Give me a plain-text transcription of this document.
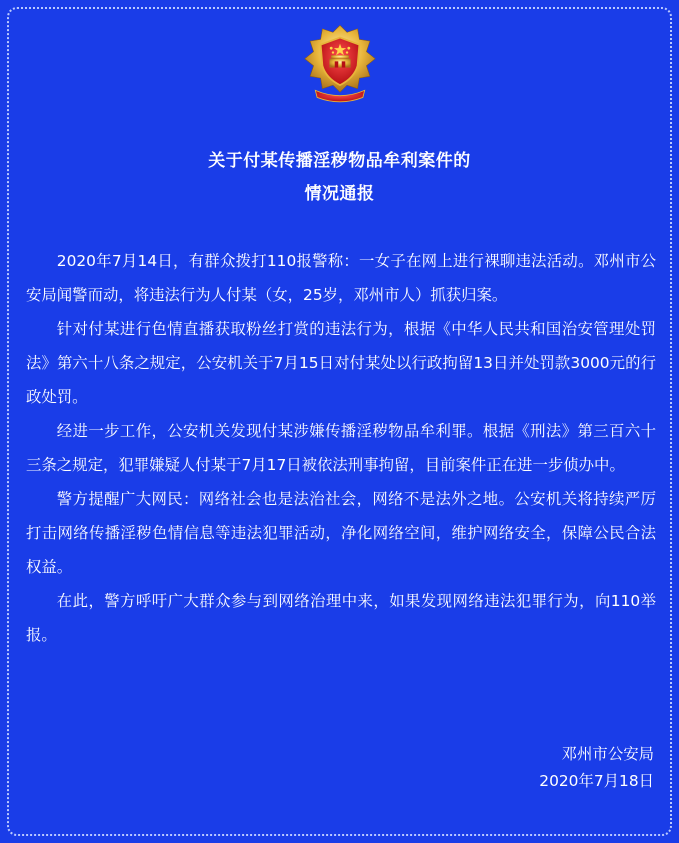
关于付某传播淫秽物品牟利案件的
情况通报

2020年7月14日，有群众拨打110报警称：一女子在网上进行裸聊违法活动。邓州市公安局闻警而动，将违法行为人付某（女，25岁，邓州市人）抓获归案。

针对付某进行色情直播获取粉丝打赏的违法行为，根据《中华人民共和国治安管理处罚法》第六十八条之规定，公安机关于7月15日对付某处以行政拘留13日并处罚款3000元的行政处罚。

经进一步工作，公安机关发现付某涉嫌传播淫秽物品牟利罪。根据《刑法》第三百六十三条之规定，犯罪嫌疑人付某于7月17日被依法刑事拘留，目前案件正在进一步侦办中。

警方提醒广大网民：网络社会也是法治社会，网络不是法外之地。公安机关将持续严厉打击网络传播淫秽色情信息等违法犯罪活动，净化网络空间，维护网络安全，保障公民合法权益。

在此，警方呼吁广大群众参与到网络治理中来，如果发现网络违法犯罪行为，向110举报。

邓州市公安局
2020年7月18日
